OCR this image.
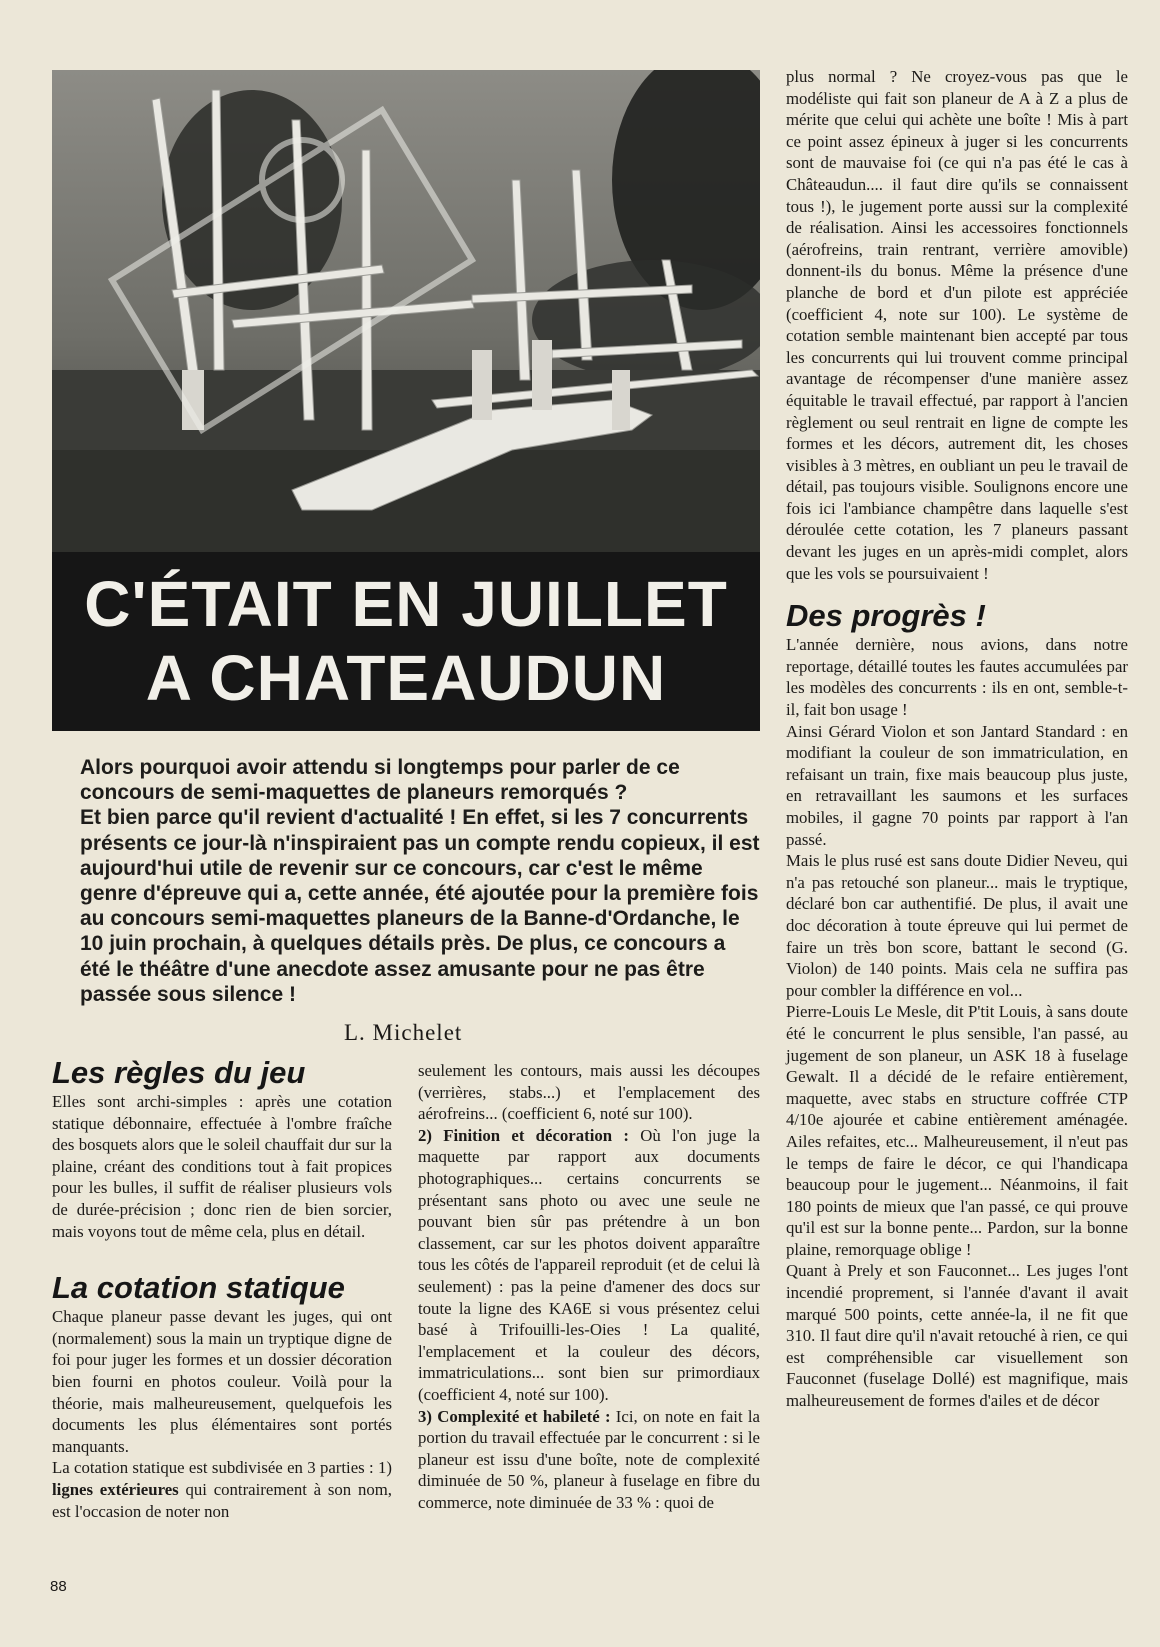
C'ÉTAIT EN JUILLET
A CHATEAUDUN

Alors pourquoi avoir attendu si longtemps pour parler de ce concours de semi-maquettes de planeurs remorqués ?

Et bien parce qu'il revient d'actualité ! En effet, si les 7 concurrents présents ce jour-là n'inspiraient pas un compte rendu copieux, il est aujourd'hui utile de revenir sur ce concours, car c'est le même genre d'épreuve qui a, cette année, été ajoutée pour la première fois au concours semi-maquettes planeurs de la Banne-d'Ordanche, le 10 juin prochain, à quelques détails près. De plus, ce concours a été le théâtre d'une anecdote assez amusante pour ne pas être passée sous silence !

L. Michelet
Les règles du jeu

Elles sont archi-simples : après une cotation statique débonnaire, effectuée à l'ombre fraîche des bosquets alors que le soleil chauffait dur sur la plaine, créant des conditions tout à fait propices pour les bulles, il suffit de réaliser plusieurs vols de durée-précision ; donc rien de bien sorcier, mais voyons tout de même cela, plus en détail.

La cotation statique

Chaque planeur passe devant les juges, qui ont (normalement) sous la main un tryptique digne de foi pour juger les formes et un dossier décoration bien fourni en photos couleur. Voilà pour la théorie, mais malheureusement, quelquefois les documents les plus élémentaires sont portés manquants.

La cotation statique est subdivisée en 3 parties : 1) lignes extérieures qui contrairement à son nom, est l'occasion de noter non

seulement les contours, mais aussi les découpes (verrières, stabs...) et l'emplacement des aérofreins... (coefficient 6, noté sur 100).

2) Finition et décoration : Où l'on juge la maquette par rapport aux documents photographiques... certains concurrents se présentant sans photo ou avec une seule ne pouvant bien sûr pas prétendre à un bon classement, car sur les photos doivent apparaître tous les côtés de l'appareil reproduit (et de celui là seulement) : pas la peine d'amener des docs sur toute la ligne des KA6E si vous présentez celui basé à Trifouilli-les-Oies ! La qualité, l'emplacement et la couleur des décors, immatriculations... sont bien sur primordiaux (coefficient 4, noté sur 100).

3) Complexité et habileté : Ici, on note en fait la portion du travail effectuée par le concurrent : si le planeur est issu d'une boîte, note de complexité diminuée de 50 %, planeur à fuselage en fibre du commerce, note diminuée de 33 % : quoi de

plus normal ? Ne croyez-vous pas que le modéliste qui fait son planeur de A à Z a plus de mérite que celui qui achète une boîte ! Mis à part ce point assez épineux à juger si les concurrents sont de mauvaise foi (ce qui n'a pas été le cas à Châteaudun.... il faut dire qu'ils se connaissent tous !), le jugement porte aussi sur la complexité de réalisation. Ainsi les accessoires fonctionnels (aérofreins, train rentrant, verrière amovible) donnent-ils du bonus. Même la présence d'une planche de bord et d'un pilote est appréciée (coefficient 4, note sur 100). Le système de cotation semble maintenant bien accepté par tous les concurrents qui lui trouvent comme principal avantage de récompenser d'une manière assez équitable le travail effectué, par rapport à l'ancien règlement ou seul rentrait en ligne de compte les formes et les décors, autrement dit, les choses visibles à 3 mètres, en oubliant un peu le travail de détail, pas toujours visible. Soulignons encore une fois ici l'ambiance champêtre dans laquelle s'est déroulée cette cotation, les 7 planeurs passant devant les juges en un après-midi complet, alors que les vols se poursuivaient !

Des progrès !

L'année dernière, nous avions, dans notre reportage, détaillé toutes les fautes accumulées par les modèles des concurrents : ils en ont, semble-t-il, fait bon usage !

Ainsi Gérard Violon et son Jantard Standard : en modifiant la couleur de son immatriculation, en refaisant un train, fixe mais beaucoup plus juste, en retravaillant les saumons et les surfaces mobiles, il gagne 70 points par rapport à l'an passé.

Mais le plus rusé est sans doute Didier Neveu, qui n'a pas retouché son planeur... mais le tryptique, déclaré bon car authentifié. De plus, il avait une doc décoration à toute épreuve qui lui permet de faire un très bon score, battant le second (G. Violon) de 140 points. Mais cela ne suffira pas pour combler la différence en vol...

Pierre-Louis Le Mesle, dit P'tit Louis, à sans doute été le concurrent le plus sensible, l'an passé, au jugement de son planeur, un ASK 18 à fuselage Gewalt. Il a décidé de le refaire entièrement, maquette, avec stabs en structure coffrée CTP 4/10e ajourée et cabine entièrement aménagée. Ailes refaites, etc... Malheureusement, il n'eut pas le temps de faire le décor, ce qui l'handicapa beaucoup pour le jugement... Néanmoins, il fait 180 points de mieux que l'an passé, ce qui prouve qu'il est sur la bonne pente... Pardon, sur la bonne plaine, remorquage oblige !

Quant à Prely et son Fauconnet... Les juges l'ont incendié proprement, si l'année d'avant il avait marqué 500 points, cette année-la, il ne fit que 310. Il faut dire qu'il n'avait retouché à rien, ce qui est compréhensible car visuellement son Fauconnet (fuselage Dollé) est magnifique, mais malheureusement de formes d'ailes et de décor

88
